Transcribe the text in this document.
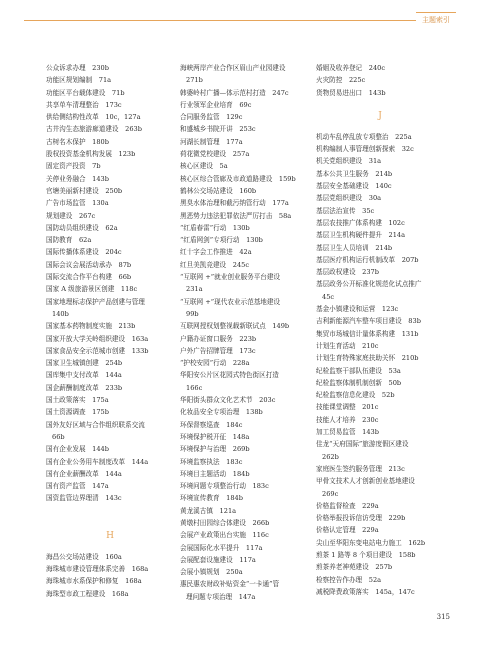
主题索引
公众诉求办理　230b
功能区规划编制　71a
功能区平台载体建设　71b
共享单车清理整治　173c
供给侧结构性改革　10c，127a
古井沟生态旅游廊道建设　263b
古树名木保护　180b
股权投资基金机构发展　123b
固定资产投资　7b
关停业务融合　143b
官塘美丽新村建设　250b
广告市场监管　130a
规划建设　267c
国防动员组织建设　62a
国防教育　62a
国际传播体系建设　204c
国际会议会展活动承办　87b
国际交流合作平台构建　66b
国家 A 级旅游景区创建　118c
国家地理标志保护产品创建与管理
140b
国家基本药物制度实施　213b
国家开放大学关岭组织建设　163a
国家食品安全示范城市创建　133b
国家卫生城镇创建　254b
国库集中支付改革　144a
国企薪酬制度改革　233b
国土政策落实　175a
国土资源调查　175b
国外友好区域与合作组织联系交流
66b
国有企业发展　144b
国有企业公务用车制度改革　144a
国有企业薪酬改革　144a
国有资产监管　147a
国资监管边界理清　143c
H
海昌公交场站建设　160a
海珠城市建设管理体系完善　168a
海珠城市水系保护和修复　168a
海珠型市政工程建设　168a
海峡两岸产业合作区眉山产业园建设
271b
韩婆岭村广播—体示范村打造　247c
行业领军企业培育　69c
合同服务监管　129c
和盛城乡书院开讲　253c
河湖长制管理　177a
荷花微党校建设　257a
核心区建设　5a
核心区综合管廊及市政道路建设　159b
鹤林公交场站建设　160b
黑臭水体治理和截污纳管行动　177a
黑恶势力违法犯罪依法严厉打击　58a
“红盾春雷”行动　130b
“红盾网剑”专项行动　130b
红十字会工作推进　42a
红旦美凯竞建设　245c
“互联网 +”就业创业服务平台建设
231a
“互联网 +”现代农业示范基地建设
99b
互联网授权划整视载新联试点　149b
户籍办证窗口服务　223b
户外广告招牌管理　173c
“护校安园”行动　228a
华阳安公片区花园式特色街区打造
166c
华阳街头群众文化艺术节　203c
化妆品安全专项治理　138b
环保督察巡查　184c
环境保护税开征　148a
环境保护与治理　269b
环境监察执法　183c
环境目主题活动　184b
环境问题专项整治行动　183c
环境宣传教育　184b
黄龙溪古镇　121a
黄墩村田园综合体建设　266b
会展产业政策出台实施　116c
会展国际化水平提升　117a
会展配套设施建设　117a
会展小镇规划　250a
惠民惠农财政补贴资金“一卡通”管
理问题专项治理　147a
婚姻及收养登记　240c
火灾防控　225c
货物贸易进出口　143b
J
机动车乱停乱放专项整治　225a
机构编制人事管理创新探索　32c
机关党组织建设　31a
基本公共卫生服务　214b
基层安全基础建设　140c
基层党组织建设　30a
基层法治宣传　35c
基层农技推广体系构建　102c
基层卫生机构硬件提升　214a
基层卫生人员培训　214b
基层医疗机构运行机制改革　207b
基层政权建设　237b
基层政务公开标准化规范化试点推广
45c
基金小镇建设和运营　123c
吉利新能源汽车整车项目建设　83b
集贸市场城信计量体系构建　131b
计划生育活动　210c
计划生育特殊家庭扶助关怀　210b
纪检监察干部队伍建设　53a
纪检监察体制机制创新　50b
纪检监察信息化建设　52b
技能课堂调整　201c
技能人才培养　230c
加工贸易监管　143b
佳龙“天府国际”旅游度假区建设
262b
家庭医生签约服务管理　213c
甲骨文技术人才创新创业基地建设
269c
价格监督检查　229a
价格举报投诉信访受理　229b
价格认定管理　229a
尖山至华阳东变电站电力施工　162b
煎茶 1 路等 8 个项目建设　158b
煎茶养老神苑建设　257b
检察控告作办理　52a
减税降费政策落实　145a，147c
315
